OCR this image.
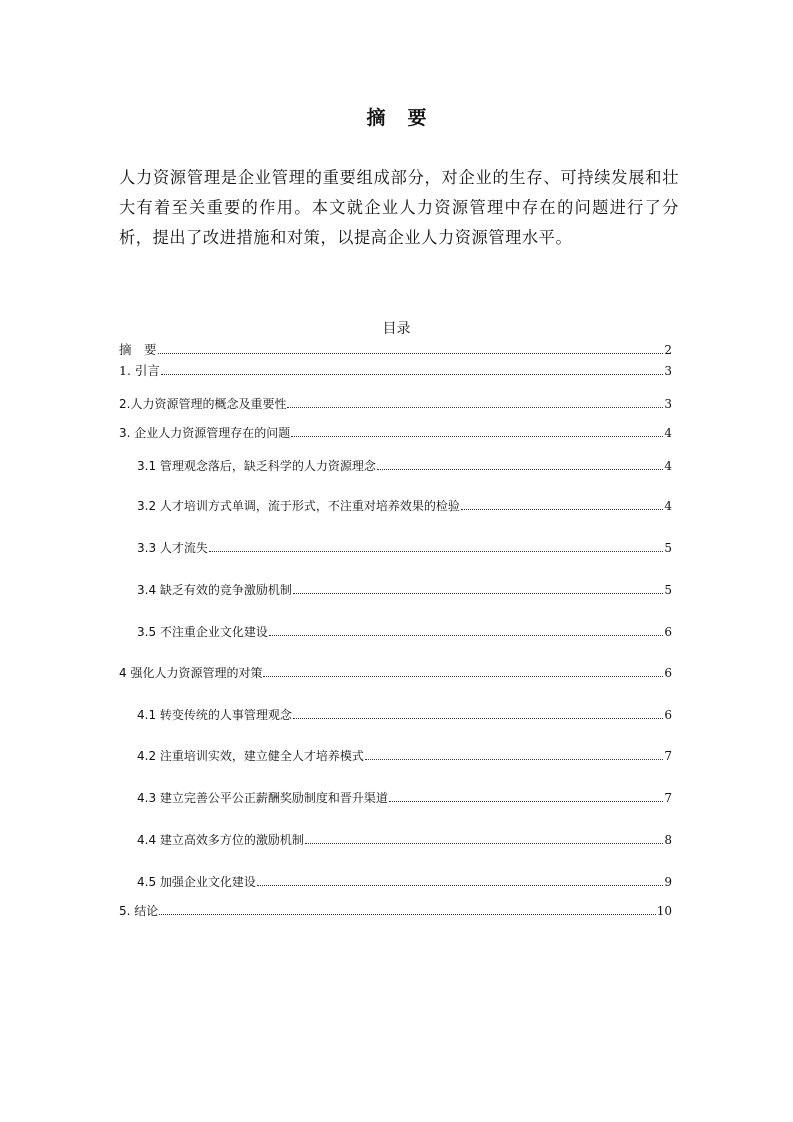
摘要
人力资源管理是企业管理的重要组成部分，对企业的生存、可持续发展和壮大有着至关重要的作用。本文就企业人力资源管理中存在的问题进行了分析，提出了改进措施和对策，以提高企业人力资源管理水平。
目录
摘　要	2
1. 引言	3
2.人力资源管理的概念及重要性	3
3. 企业人力资源管理存在的问题	4
3.1 管理观念落后，缺乏科学的人力资源理念	4
3.2 人才培训方式单调，流于形式，不注重对培养效果的检验	4
3.3 人才流失	5
3.4 缺乏有效的竞争激励机制	5
3.5 不注重企业文化建设	6
4 强化人力资源管理的对策	6
4.1 转变传统的人事管理观念	6
4.2 注重培训实效，建立健全人才培养模式	7
4.3 建立完善公平公正薪酬奖励制度和晋升渠道	7
4.4 建立高效多方位的激励机制	8
4.5 加强企业文化建设	9
5. 结论	10
